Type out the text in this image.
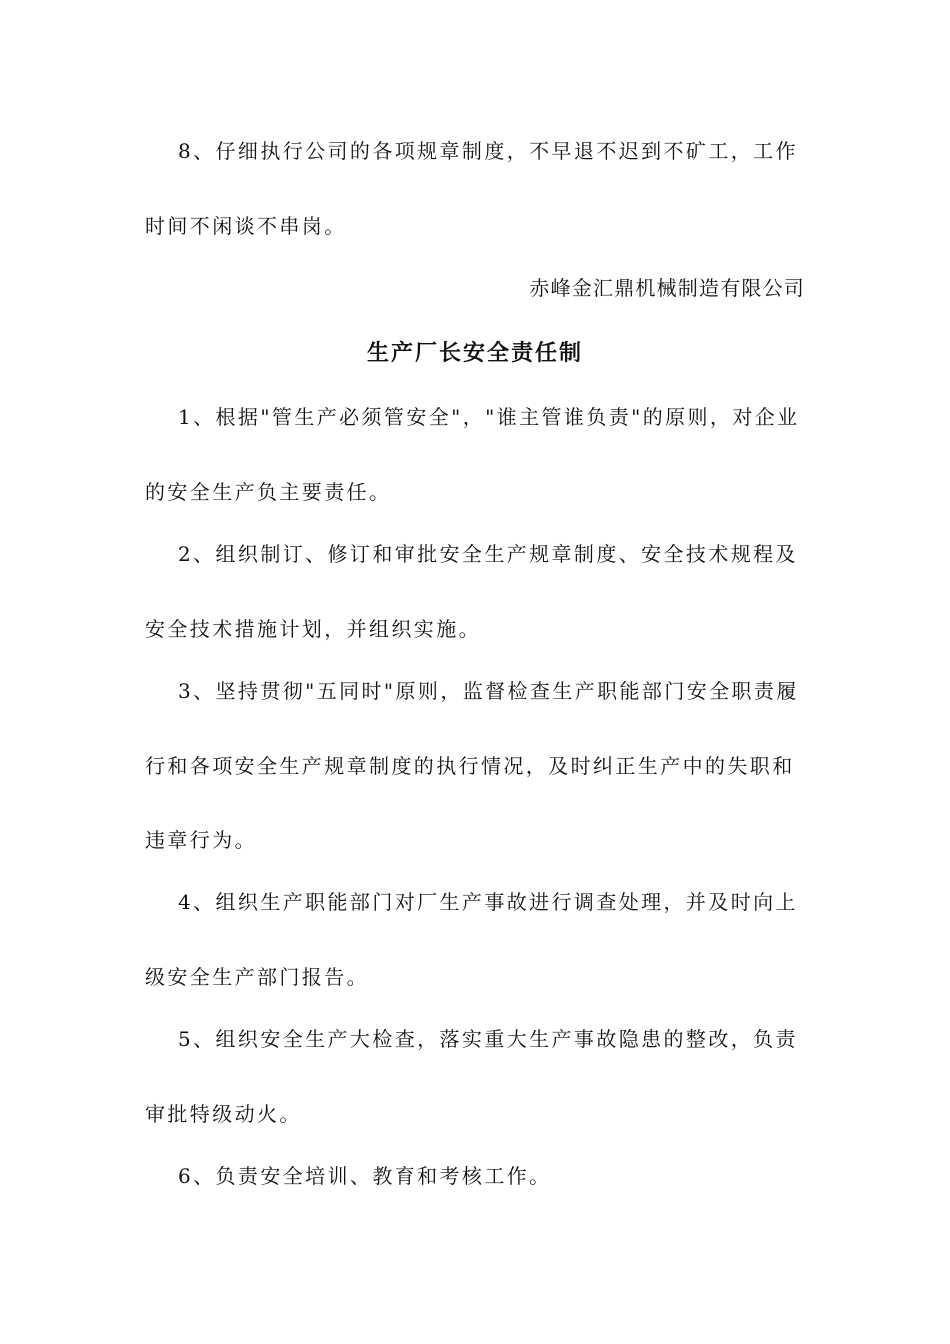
8、仔细执行公司的各项规章制度，不早退不迟到不矿工，工作
时间不闲谈不串岗。
赤峰金汇鼎机械制造有限公司
生产厂长安全责任制
1、根据"管生产必须管安全"，"谁主管谁负责"的原则，对企业
的安全生产负主要责任。
2、组织制订、修订和审批安全生产规章制度、安全技术规程及
安全技术措施计划，并组织实施。
3、坚持贯彻"五同时"原则，监督检查生产职能部门安全职责履
行和各项安全生产规章制度的执行情况，及时纠正生产中的失职和
违章行为。
4、组织生产职能部门对厂生产事故进行调查处理，并及时向上
级安全生产部门报告。
5、组织安全生产大检查，落实重大生产事故隐患的整改，负责
审批特级动火。
6、负责安全培训、教育和考核工作。
